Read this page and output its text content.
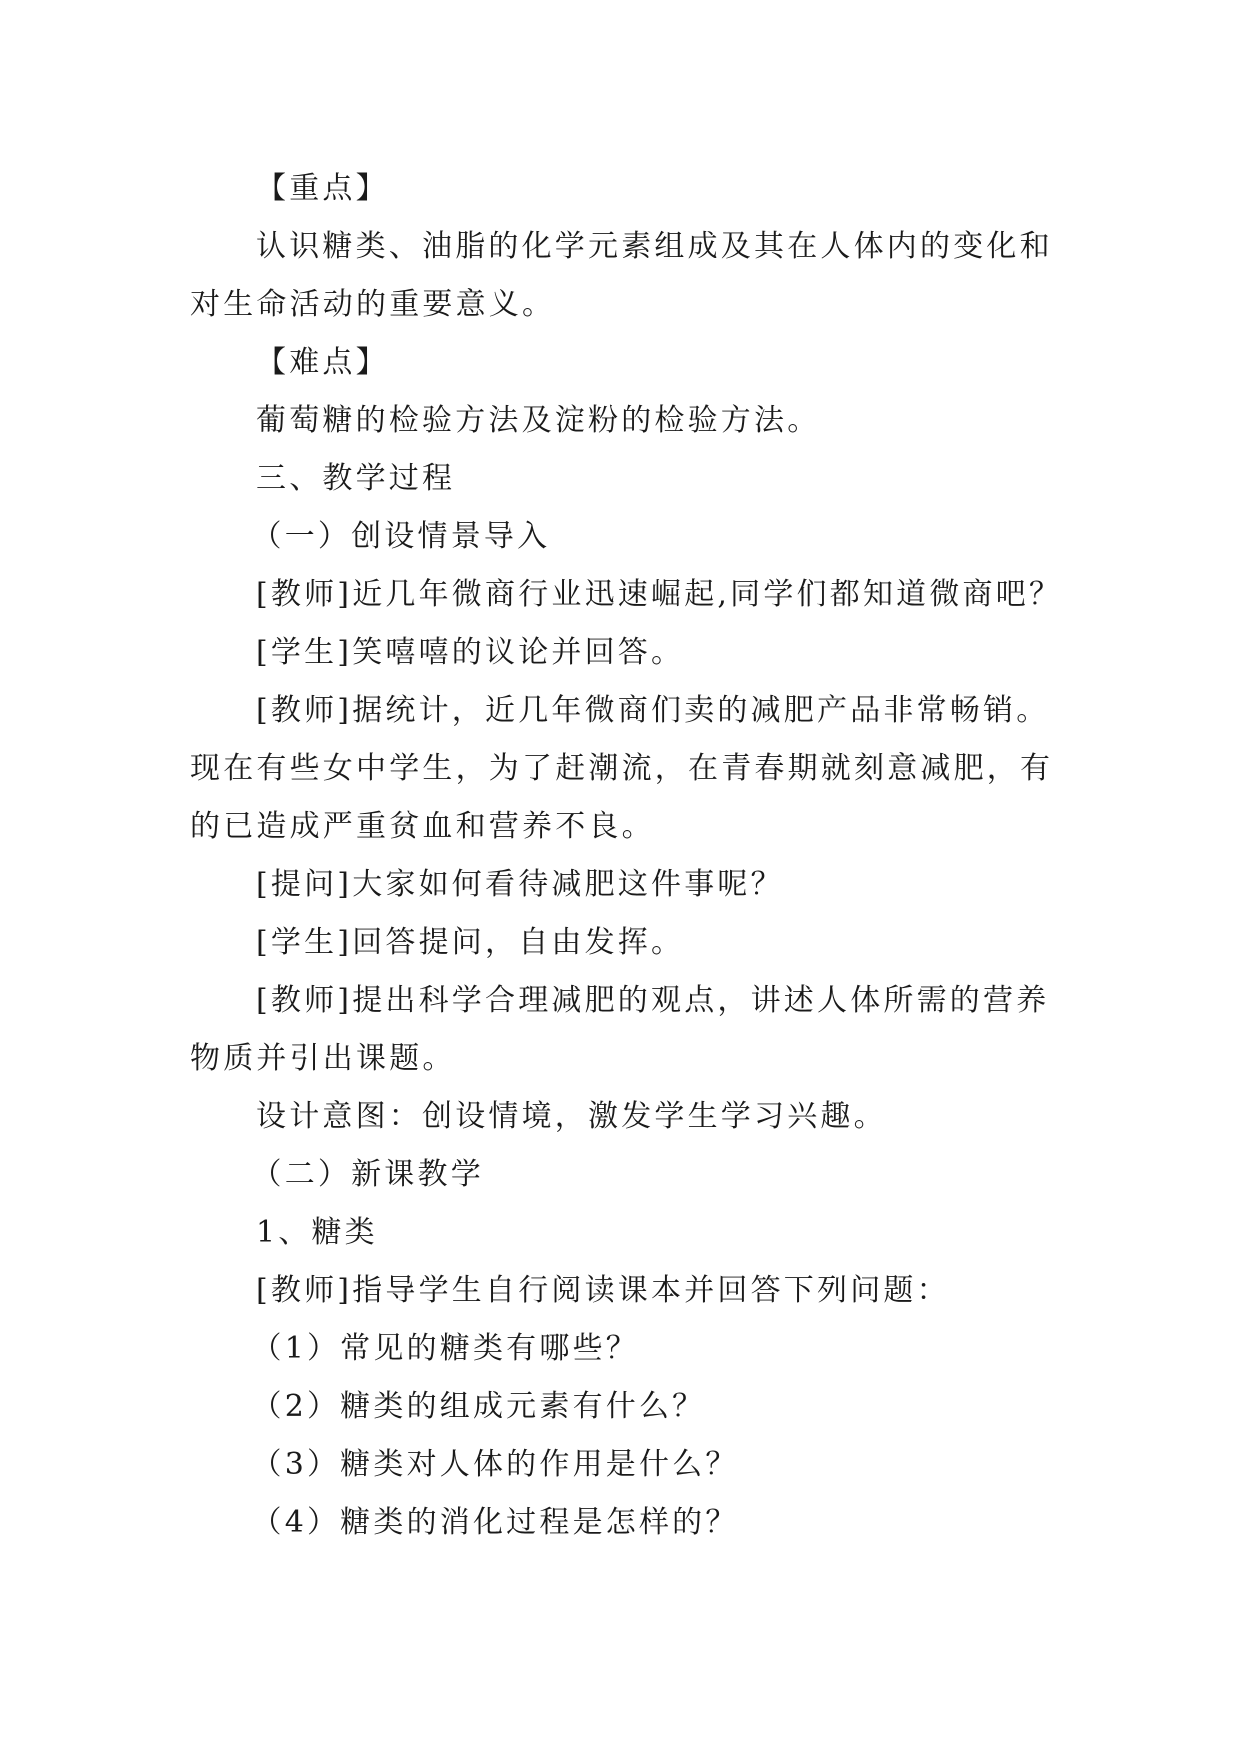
【重点】

认识糖类、油脂的化学元素组成及其在人体内的变化和对生命活动的重要意义。

【难点】

葡萄糖的检验方法及淀粉的检验方法。

三、教学过程

（一）创设情景导入

[教师]近几年微商行业迅速崛起,同学们都知道微商吧？

[学生]笑嘻嘻的议论并回答。

[教师]据统计，近几年微商们卖的减肥产品非常畅销。现在有些女中学生，为了赶潮流，在青春期就刻意减肥，有的已造成严重贫血和营养不良。

[提问]大家如何看待减肥这件事呢？

[学生]回答提问，自由发挥。

[教师]提出科学合理减肥的观点，讲述人体所需的营养物质并引出课题。

设计意图：创设情境，激发学生学习兴趣。

（二）新课教学

1、糖类

[教师]指导学生自行阅读课本并回答下列问题：

（1）常见的糖类有哪些？

（2）糖类的组成元素有什么？

（3）糖类对人体的作用是什么？

（4）糖类的消化过程是怎样的？
